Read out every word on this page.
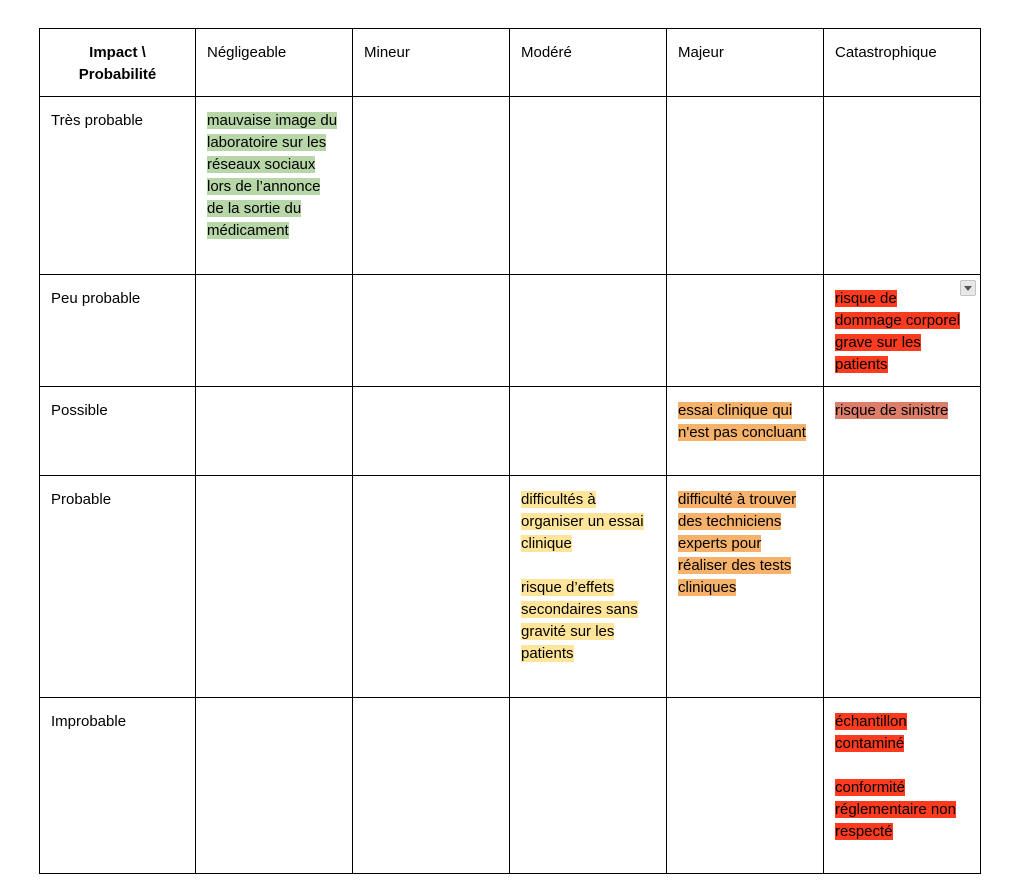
Impact \
Probabilité	Négligeable	Mineur	Modéré	Majeur	Catastrophique
Très probable	mauvaise image du laboratoire sur les réseaux sociaux lors de l’annonce de la sortie du médicament				
Peu probable					risque de dommage corporel grave sur les patients
Possible				essai clinique qui n'est pas concluant	risque de sinistre
Probable			difficultés à organiser un essai clinique

risque d’effets secondaires sans gravité sur les patients	difficulté à trouver des techniciens experts pour réaliser des tests cliniques	
Improbable					échantillon contaminé

conformité réglementaire non respecté
